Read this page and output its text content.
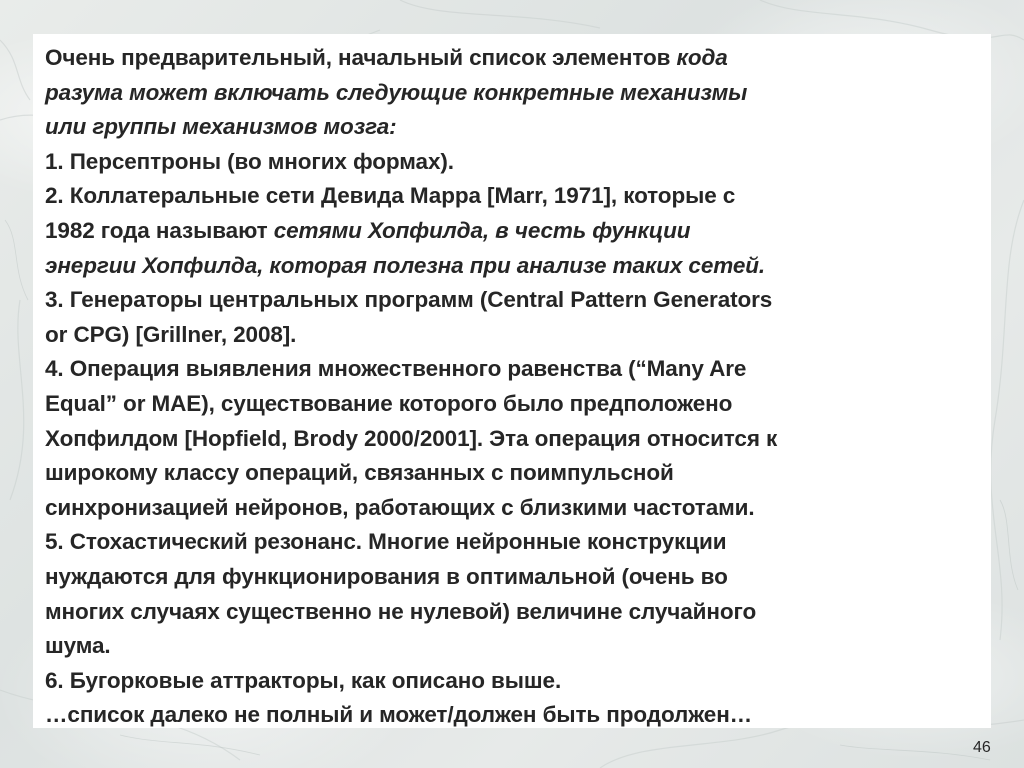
Очень предварительный, начальный список элементов кода
разума может включать следующие конкретные механизмы
или группы механизмов мозга:
1. Персептроны (во многих формах).
2. Коллатеральные сети Девида Марра [Marr, 1971], которые с
1982 года называют сетями Хопфилда, в честь функции
энергии Хопфилда, которая полезна при анализе таких сетей.
3. Генераторы центральных программ (Central Pattern Generators
or CPG) [Grillner, 2008].
4. Операция выявления множественного равенства (“Many Are
Equal” or MAE), существование которого было предположено
Хопфилдом [Hopfield, Brody 2000/2001]. Эта операция относится к
широкому классу операций, связанных с поимпульсной
синхронизацией нейронов, работающих с близкими частотами.
5. Стохастический резонанс. Многие нейронные конструкции
нуждаются для функционирования в оптимальной (очень во
многих случаях существенно не нулевой) величине случайного
шума.
6. Бугорковые аттракторы, как описано выше.
…список далеко не полный и может/должен быть продолжен…
46
